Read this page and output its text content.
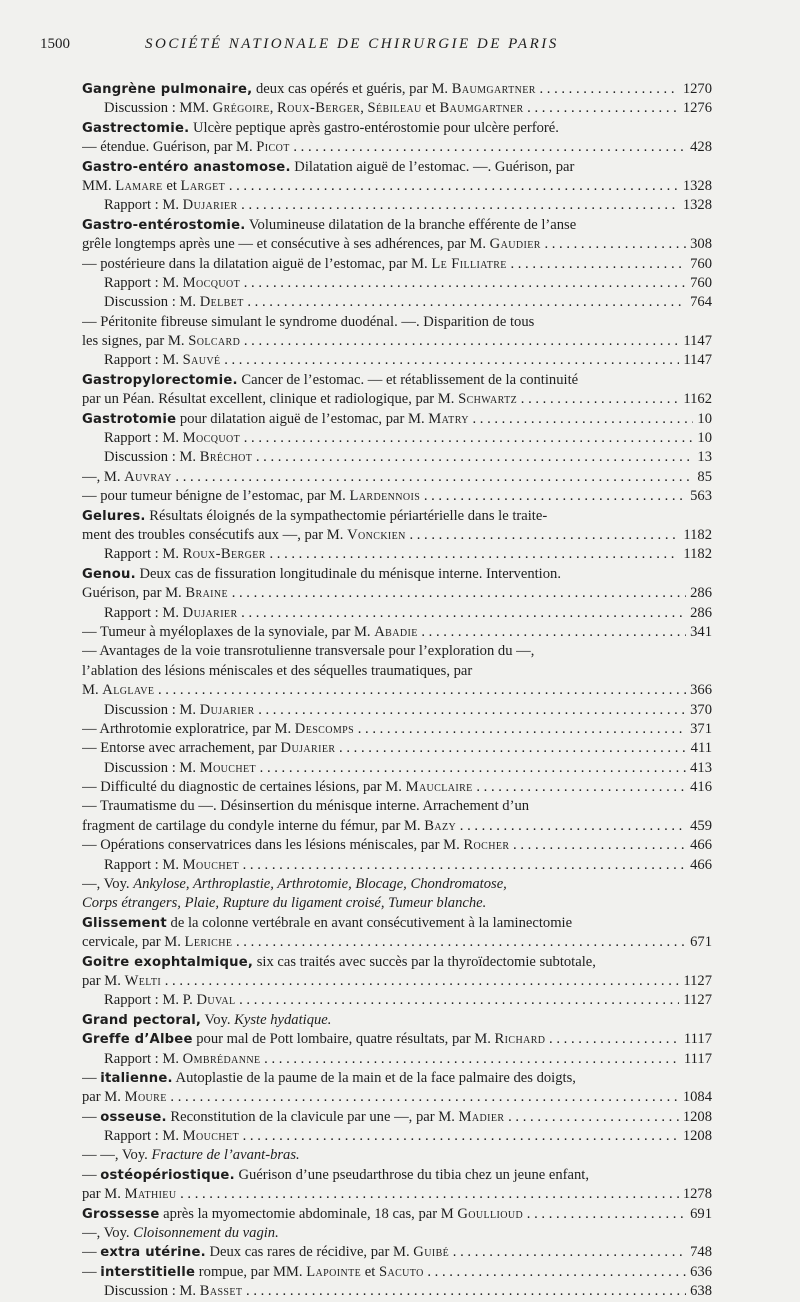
1500	SOCIÉTÉ NATIONALE DE CHIRURGIE DE PARIS
Gangrène pulmonaire, deux cas opérés et guéris, par M. Baumgartner . . .	1270
Discussion : MM. Grégoire, Roux-Berger, Sébileau et Baumgartner . . .	1276
Gastrectomie. Ulcère peptique après gastro-entérostomie pour ulcère perforé.
— étendue. Guérison, par M. Picot . . .	428
Gastro-entéro anastomose. Dilatation aiguë de l’estomac. —. Guérison, par
MM. Lamare et Larget . . .	1328
Rapport : M. Dujarier . . .	1328
Gastro-entérostomie. Volumineuse dilatation de la branche efférente de l’anse
grêle longtemps après une — et consécutive à ses adhérences, par M. Gaudier . . .	308
— postérieure dans la dilatation aiguë de l’estomac, par M. Le Filliatre . . .	760
Rapport : M. Mocquot . . .	760
Discussion : M. Delbet . . .	764
— Péritonite fibreuse simulant le syndrome duodénal. —. Disparition de tous
les signes, par M. Solcard . . .	1147
Rapport : M. Sauvé . . .	1147
Gastropylorectomie. Cancer de l’estomac. — et rétablissement de la continuité
par un Péan. Résultat excellent, clinique et radiologique, par M. Schwartz . . .	1162
Gastrotomie pour dilatation aiguë de l’estomac, par M. Matry . . .	10
Rapport : M. Mocquot . . .	10
Discussion : M. Bréchot . . .	13
—, M. Auvray . . .	85
— pour tumeur bénigne de l’estomac, par M. Lardennois . . .	563
Gelures. Résultats éloignés de la sympathectomie périartérielle dans le traite-
ment des troubles consécutifs aux —, par M. Vonckien . . .	1182
Rapport : M. Roux-Berger . . .	1182
Genou. Deux cas de fissuration longitudinale du ménisque interne. Intervention.
Guérison, par M. Braine . . .	286
Rapport : M. Dujarier . . .	286
— Tumeur à myéloplaxes de la synoviale, par M. Abadie . . .	341
— Avantages de la voie transrotulienne transversale pour l’exploration du —,
l’ablation des lésions méniscales et des séquelles traumatiques, par
M. Alglave . . .	366
Discussion : M. Dujarier . . .	370
— Arthrotomie exploratrice, par M. Descomps . . .	371
— Entorse avec arrachement, par Dujarier . . .	411
Discussion : M. Mouchet . . .	413
— Difficulté du diagnostic de certaines lésions, par M. Mauclaire . . .	416
— Traumatisme du —. Désinsertion du ménisque interne. Arrachement d’un
fragment de cartilage du condyle interne du fémur, par M. Bazy . . .	459
— Opérations conservatrices dans les lésions méniscales, par M. Rocher . . .	466
Rapport : M. Mouchet . . .	466
—, Voy. Ankylose, Arthroplastie, Arthrotomie, Blocage, Chondromatose,
Corps étrangers, Plaie, Rupture du ligament croisé, Tumeur blanche.
Glissement de la colonne vertébrale en avant consécutivement à la laminectomie
cervicale, par M. Leriche . . .	671
Goitre exophtalmique, six cas traités avec succès par la thyroïdectomie subtotale,
par M. Welti . . .	1127
Rapport : M. P. Duval . . .	1127
Grand pectoral, Voy. Kyste hydatique.
Greffe d’Albee pour mal de Pott lombaire, quatre résultats, par M. Richard . . .	1117
Rapport : M. Ombrédanne . . .	1117
— italienne. Autoplastie de la paume de la main et de la face palmaire des doigts,
par M. Moure . . .	1084
— osseuse. Reconstitution de la clavicule par une —, par M. Madier . . .	1208
Rapport : M. Mouchet . . .	1208
— —, Voy. Fracture de l’avant-bras.
— ostéopériostique. Guérison d’une pseudarthrose du tibia chez un jeune enfant,
par M. Mathieu . . .	1278
Grossesse après la myomectomie abdominale, 18 cas, par M Goullioud . . .	691
—, Voy. Cloisonnement du vagin.
— extra utérine. Deux cas rares de récidive, par M. Guibé . . .	748
— interstitielle rompue, par MM. Lapointe et Sacuto . . .	636
Discussion : M. Basset . . .	638
